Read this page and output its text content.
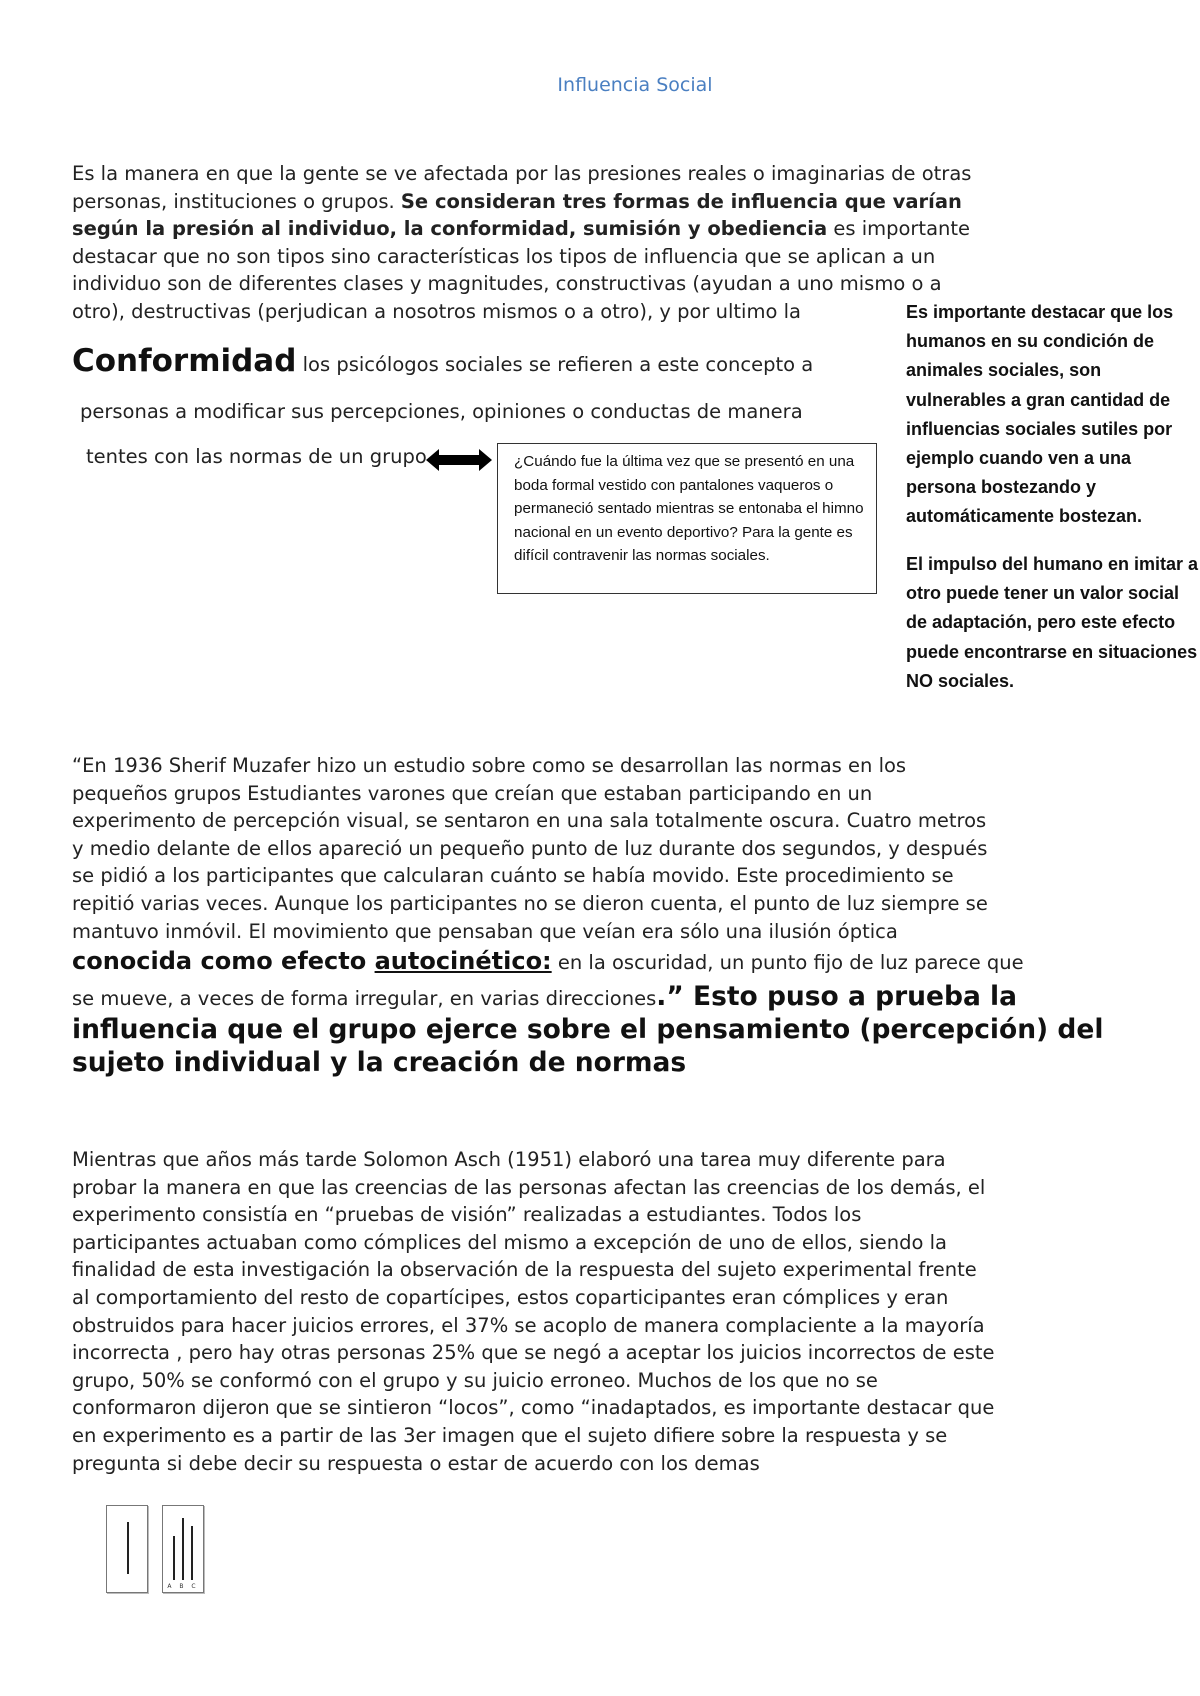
Influencia Social
Es la manera en que la gente se ve afectada por las presiones reales o imaginarias de otras
personas, instituciones o grupos. Se consideran tres formas de influencia que varían
según la presión al individuo, la conformidad, sumisión y obediencia es importante
destacar que no son tipos sino características los tipos de influencia que se aplican a un
individuo son de diferentes clases y magnitudes, constructivas (ayudan a uno mismo o a
otro), destructivas (perjudican a nosotros mismos o a otro), y por ultimo la
Conformidad los psicólogos sociales se refieren a este concepto a
personas a modificar sus percepciones, opiniones o conductas de manera
tentes con las normas de un grupo	¿Cuándo fue la última vez que se presentó en una boda formal vestido con pantalones vaqueros o permaneció sentado mientras se entonaba el himno nacional en un evento deportivo? Para la gente es difícil contravenir las normas sociales.
Es importante destacar que los humanos en su condición de animales sociales, son vulnerables a gran cantidad de influencias sociales sutiles por ejemplo cuando ven a una persona bostezando y automáticamente bostezan.
El impulso del humano en imitar a otro puede tener un valor social de adaptación, pero este efecto puede encontrarse en situaciones NO sociales.
“En 1936 Sherif Muzafer hizo un estudio sobre como se desarrollan las normas en los
pequeños grupos Estudiantes varones que creían que estaban participando en un
experimento de percepción visual, se sentaron en una sala totalmente oscura. Cuatro metros
y medio delante de ellos apareció un pequeño punto de luz durante dos segundos, y después
se pidió a los participantes que calcularan cuánto se había movido. Este procedimiento se
repitió varias veces. Aunque los participantes no se dieron cuenta, el punto de luz siempre se
mantuvo inmóvil. El movimiento que pensaban que veían era sólo una ilusión óptica
conocida como efecto autocinético: en la oscuridad, un punto fijo de luz parece que
se mueve, a veces de forma irregular, en varias direcciones.” Esto puso a prueba la
influencia que el grupo ejerce sobre el pensamiento (percepción) del
sujeto individual y la creación de normas
Mientras que años más tarde Solomon Asch (1951) elaboró una tarea muy diferente para
probar la manera en que las creencias de las personas afectan las creencias de los demás, el
experimento consistía en “pruebas de visión” realizadas a estudiantes. Todos los
participantes actuaban como cómplices del mismo a excepción de uno de ellos, siendo la
finalidad de esta investigación la observación de la respuesta del sujeto experimental frente
al comportamiento del resto de copartícipes, estos coparticipantes eran cómplices y eran
obstruidos para hacer juicios errores, el 37% se acoplo de manera complaciente a la mayoría
incorrecta , pero hay otras personas 25% que se negó a aceptar los juicios incorrectos de este
grupo, 50% se conformó con el grupo y su juicio erroneo. Muchos de los que no se
conformaron dijeron que se sintieron “locos”, como “inadaptados, es importante destacar que
en experimento es a partir de las 3er imagen que el sujeto difiere sobre la respuesta y se
pregunta si debe decir su respuesta o estar de acuerdo con los demas
A B C
